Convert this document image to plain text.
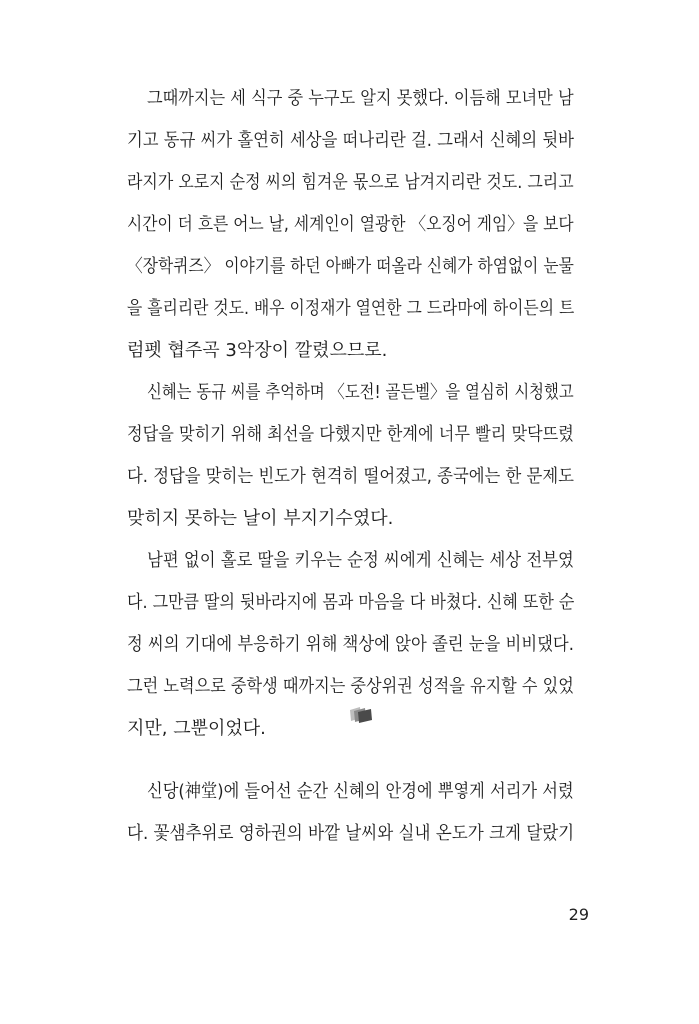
그때까지는 세 식구 중 누구도 알지 못했다. 이듬해 모녀만 남
기고 동규 씨가 홀연히 세상을 떠나리란 걸. 그래서 신혜의 뒷바
라지가 오로지 순정 씨의 힘겨운 몫으로 남겨지리란 것도. 그리고
시간이 더 흐른 어느 날, 세계인이 열광한 〈오징어 게임〉을 보다
〈장학퀴즈〉 이야기를 하던 아빠가 떠올라 신혜가 하염없이 눈물
을 흘리리란 것도. 배우 이정재가 열연한 그 드라마에 하이든의 트
럼펫 협주곡 3악장이 깔렸으므로.
신혜는 동규 씨를 추억하며 〈도전! 골든벨〉을 열심히 시청했고
정답을 맞히기 위해 최선을 다했지만 한계에 너무 빨리 맞닥뜨렸
다. 정답을 맞히는 빈도가 현격히 떨어졌고, 종국에는 한 문제도
맞히지 못하는 날이 부지기수였다.
남편 없이 홀로 딸을 키우는 순정 씨에게 신혜는 세상 전부였
다. 그만큼 딸의 뒷바라지에 몸과 마음을 다 바쳤다. 신혜 또한 순
정 씨의 기대에 부응하기 위해 책상에 앉아 졸린 눈을 비비댔다.
그런 노력으로 중학생 때까지는 중상위권 성적을 유지할 수 있었
지만, 그뿐이었다.
신당(神堂)에 들어선 순간 신혜의 안경에 뿌옇게 서리가 서렸
다. 꽃샘추위로 영하권의 바깥 날씨와 실내 온도가 크게 달랐기
29
